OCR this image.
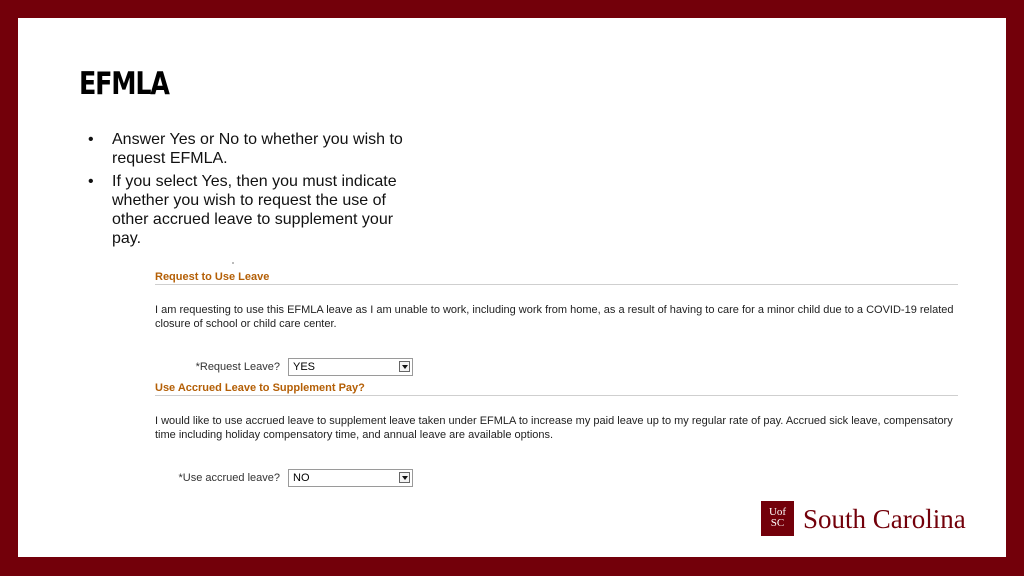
EFMLA
• Answer Yes or No to whether you wish to request EFMLA.
• If you select Yes, then you must indicate whether you wish to request the use of other accrued leave to supplement your pay.
Request to Use Leave
I am requesting to use this EFMLA leave as I am unable to work, including work from home, as a result of having to care for a minor child due to a COVID-19 related closure of school or child care center.
*Request Leave?	YES
Use Accrued Leave to Supplement Pay?
I would like to use accrued leave to supplement leave taken under EFMLA to increase my paid leave up to my regular rate of pay. Accrued sick leave, compensatory time including holiday compensatory time, and annual leave are available options.
*Use accrued leave?	NO
UofSC South Carolina
